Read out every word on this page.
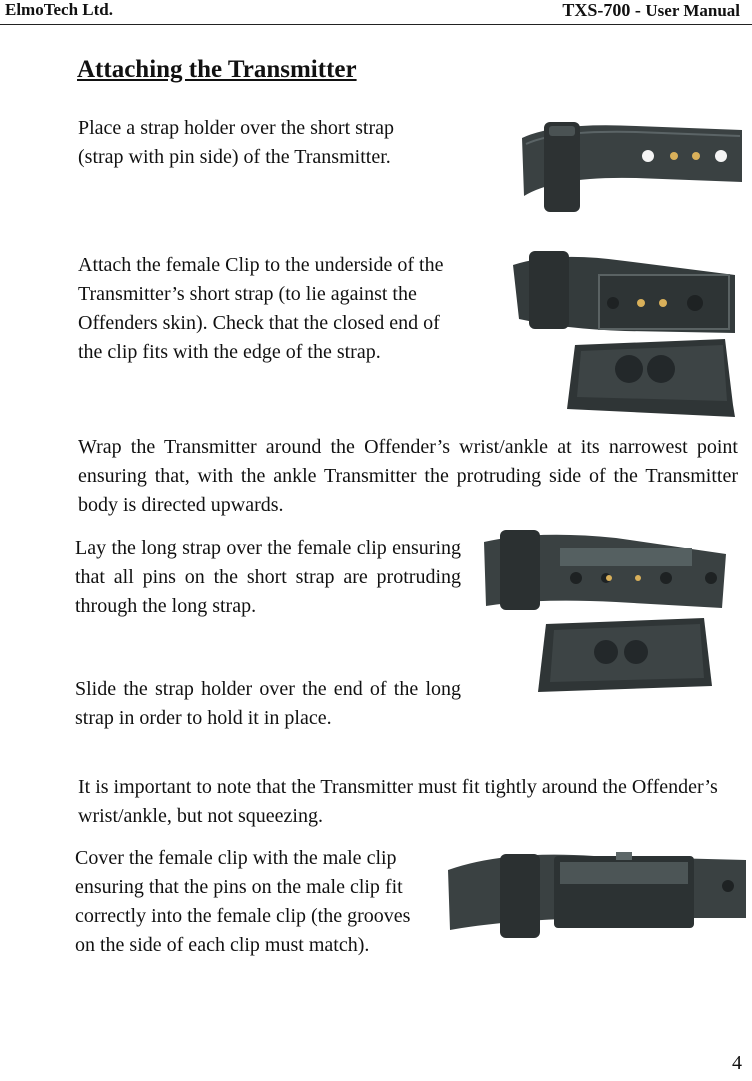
ElmoTech Ltd.	TXS-700 - User Manual
Attaching the Transmitter

Place a strap holder over the short strap (strap with pin side) of the Transmitter.

Attach the female Clip to the underside of the Transmitter’s short strap (to lie against the Offenders skin). Check that the closed end of the clip fits with the edge of the strap.

Wrap the Transmitter around the Offender’s wrist/ankle at its narrowest point ensuring that, with the ankle Transmitter the protruding side of the Transmitter body is directed upwards.

Lay the long strap over the female clip ensuring that all pins on the short strap are protruding through the long strap.

Slide the strap holder over the end of the long strap in order to hold it in place.

It is important to note that the Transmitter must fit tightly around the Offender’s wrist/ankle, but not squeezing.

Cover the female clip with the male clip ensuring that the pins on the male clip fit correctly into the female clip (the grooves on the side of each clip must match).

4
